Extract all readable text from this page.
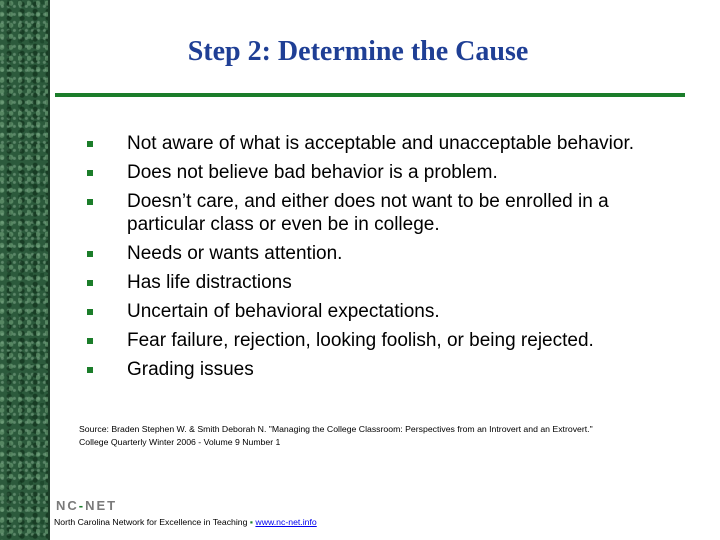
Step 2: Determine the Cause
Not aware of what is acceptable and unacceptable behavior.
Does not believe bad behavior is a problem.
Doesn’t care, and either does not want to be enrolled in a
particular class or even be in college.
Needs or wants attention.
Has life distractions
Uncertain of behavioral expectations.
Fear failure, rejection, looking foolish, or being rejected.
Grading issues
Source: Braden Stephen W. & Smith Deborah N. "Managing the College Classroom: Perspectives from an Introvert and an Extrovert."
College Quarterly Winter 2006 - Volume 9 Number 1
NC-NET
North Carolina Network for Excellence in Teaching ▪ www.nc-net.info
